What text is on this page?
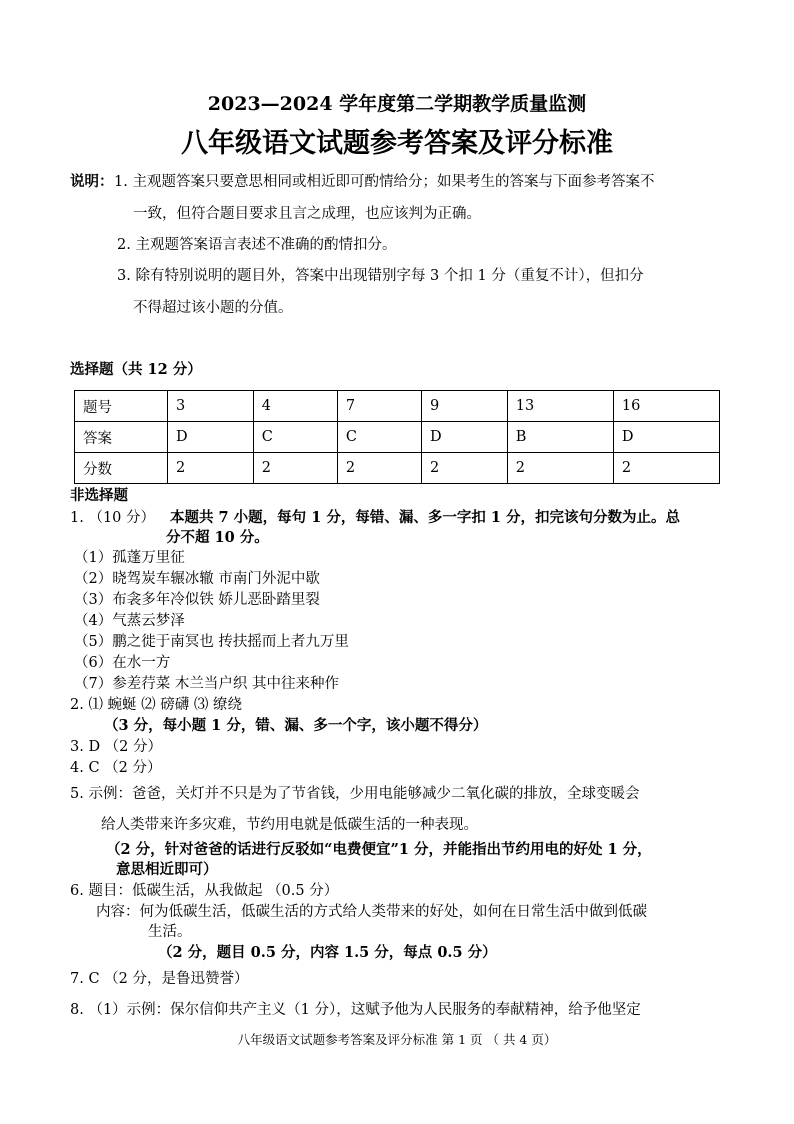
2023—2024 学年度第二学期教学质量监测
八年级语文试题参考答案及评分标准
说明： 1. 主观题答案只要意思相同或相近即可酌情给分；如果考生的答案与下面参考答案不
一致，但符合题目要求且言之成理，也应该判为正确。
2. 主观题答案语言表述不准确的酌情扣分。
3. 除有特别说明的题目外，答案中出现错别字每 3 个扣 1 分（重复不计），但扣分
不得超过该小题的分值。
选择题（共 12 分）
题号	3	4	7	9	13	16
答案	D	C	C	D	B	D
分数	2	2	2	2	2	2
非选择题
1. （10 分） 本题共 7 小题，每句 1 分，每错、漏、多一字扣 1 分，扣完该句分数为止。总
分不超 10 分。
（1）孤蓬万里征
（2）晓驾炭车辗冰辙 市南门外泥中歇
（3）布衾多年冷似铁 娇儿恶卧踏里裂
（4）气蒸云梦泽
（5）鹏之徙于南冥也 抟扶摇而上者九万里
（6）在水一方
（7）参差荇菜 木兰当户织 其中往来种作
2. ⑴ 蜿蜒 ⑵ 磅礴 ⑶ 缭绕
（3 分，每小题 1 分，错、漏、多一个字，该小题不得分）
3. D （2 分）
4. C （2 分）
5. 示例：爸爸，关灯并不只是为了节省钱，少用电能够减少二氧化碳的排放，全球变暖会
给人类带来许多灾难，节约用电就是低碳生活的一种表现。
（2 分，针对爸爸的话进行反驳如“电费便宜”1 分，并能指出节约用电的好处 1 分，
意思相近即可）
6. 题目：低碳生活，从我做起 （0.5 分）
内容：何为低碳生活，低碳生活的方式给人类带来的好处，如何在日常生活中做到低碳
生活。
（2 分，题目 0.5 分，内容 1.5 分，每点 0.5 分）
7. C （2 分，是鲁迅赞誉）
8. （1）示例：保尔信仰共产主义（1 分），这赋予他为人民服务的奉献精神，给予他坚定
八年级语文试题参考答案及评分标准 第 1 页 （ 共 4 页）
